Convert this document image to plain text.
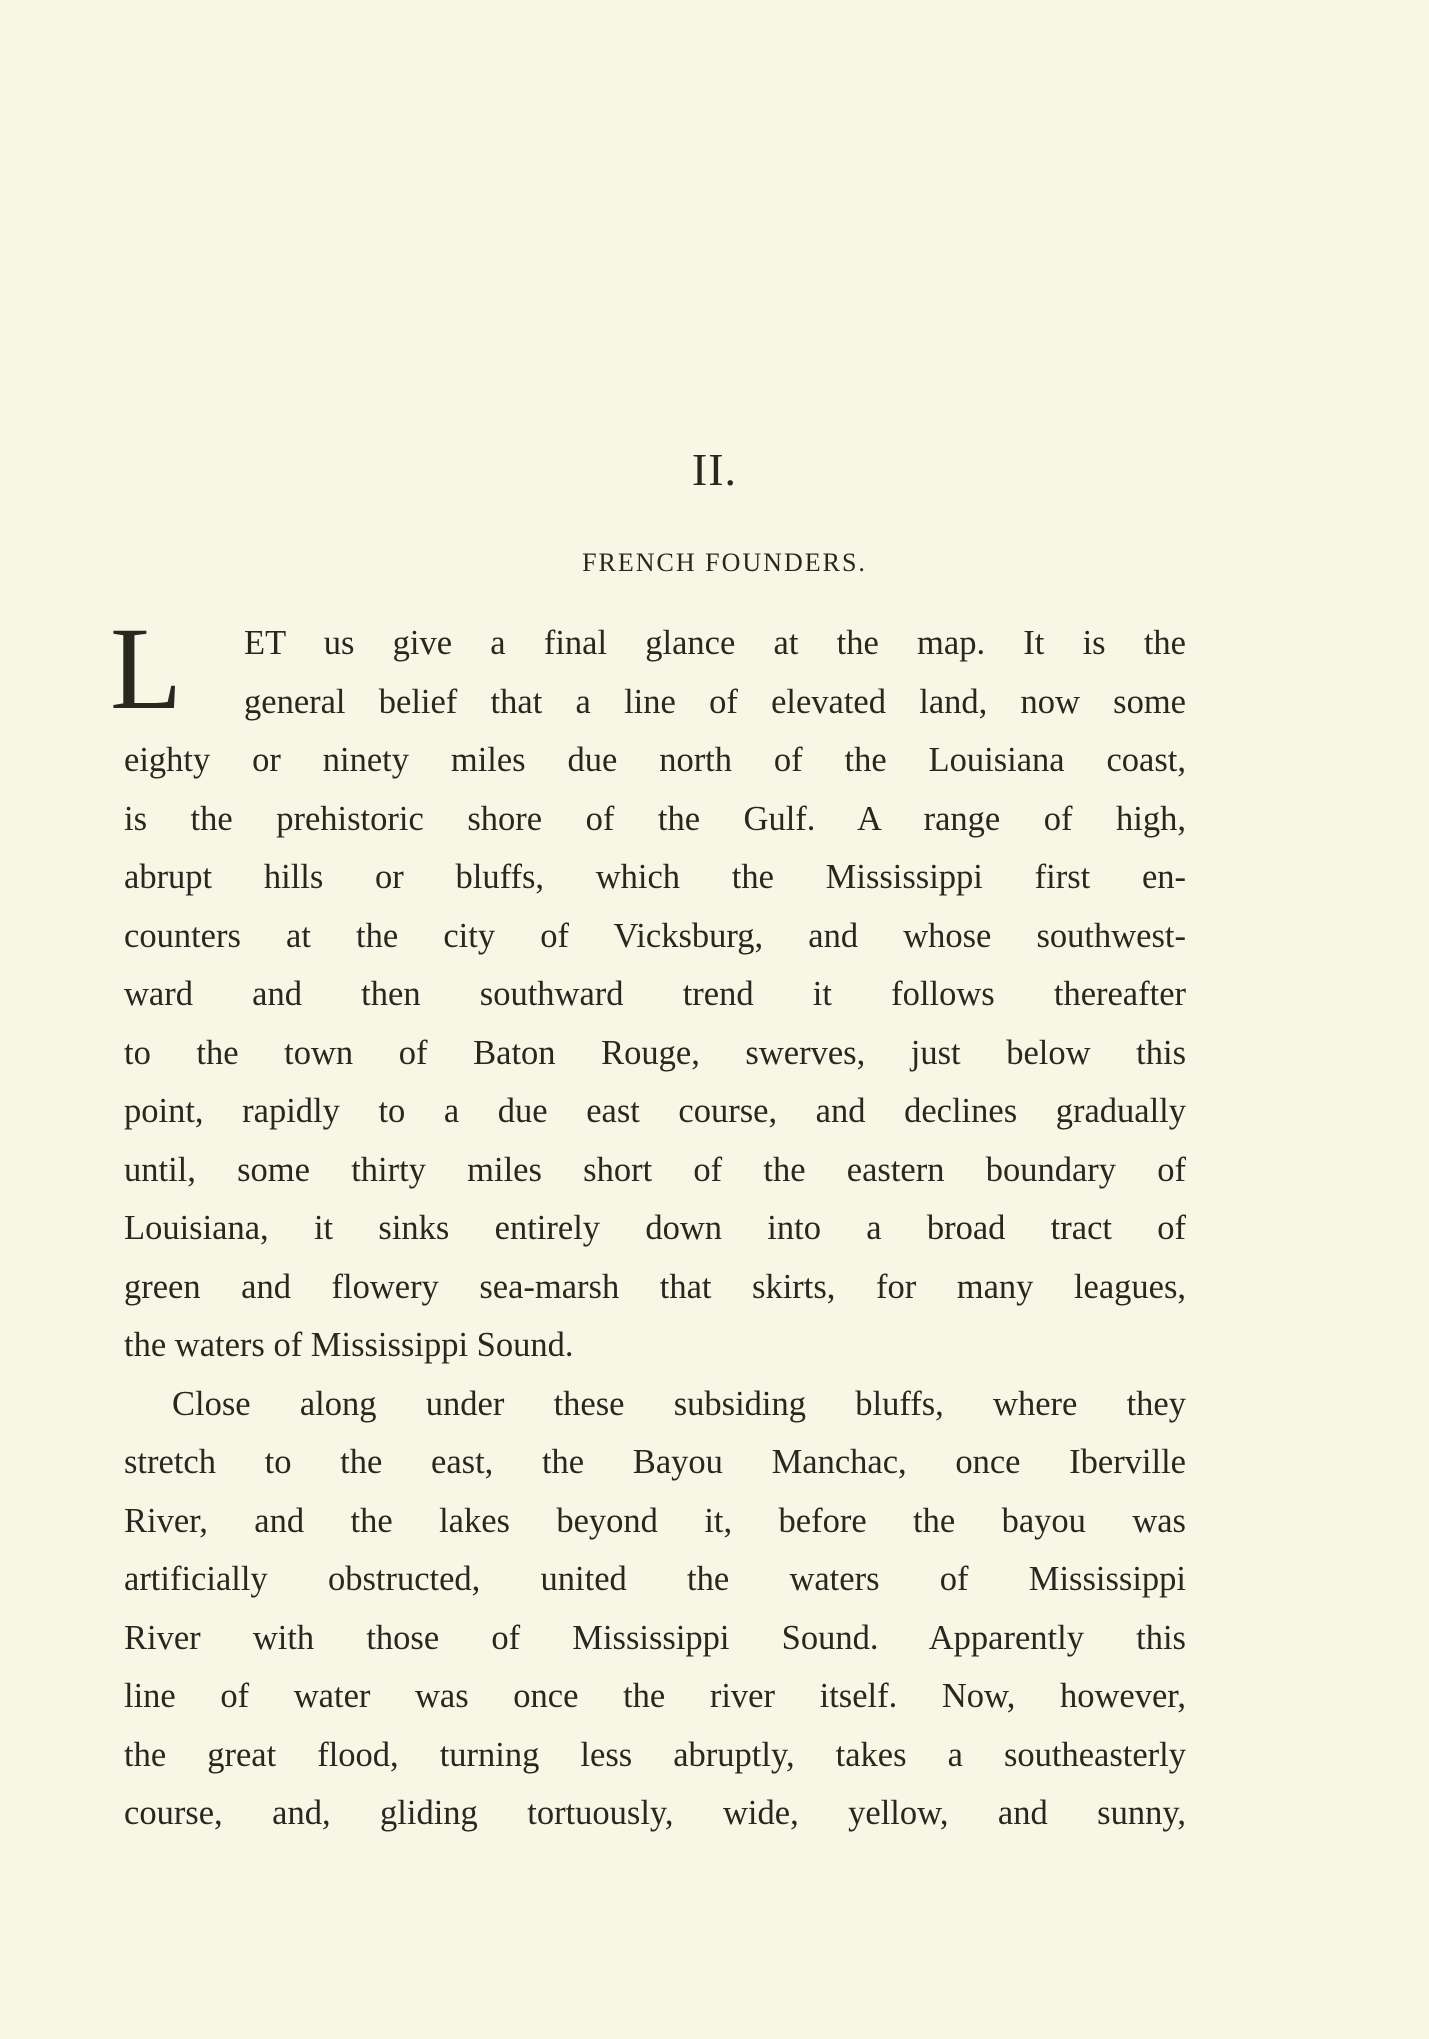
II.
FRENCH FOUNDERS.
L	ET us give a final glance at the map. It is the
general belief that a line of elevated land, now some
eighty or ninety miles due north of the Louisiana coast,
is the prehistoric shore of the Gulf. A range of high,
abrupt hills or bluffs, which the Mississippi first en-
counters at the city of Vicksburg, and whose southwest-
ward and then southward trend it follows thereafter
to the town of Baton Rouge, swerves, just below this
point, rapidly to a due east course, and declines gradually
until, some thirty miles short of the eastern boundary of
Louisiana, it sinks entirely down into a broad tract of
green and flowery sea-marsh that skirts, for many leagues,
the waters of Mississippi Sound.
Close along under these subsiding bluffs, where they
stretch to the east, the Bayou Manchac, once Iberville
River, and the lakes beyond it, before the bayou was
artificially obstructed, united the waters of Mississippi
River with those of Mississippi Sound. Apparently this
line of water was once the river itself. Now, however,
the great flood, turning less abruptly, takes a southeasterly
course, and, gliding tortuously, wide, yellow, and sunny,
